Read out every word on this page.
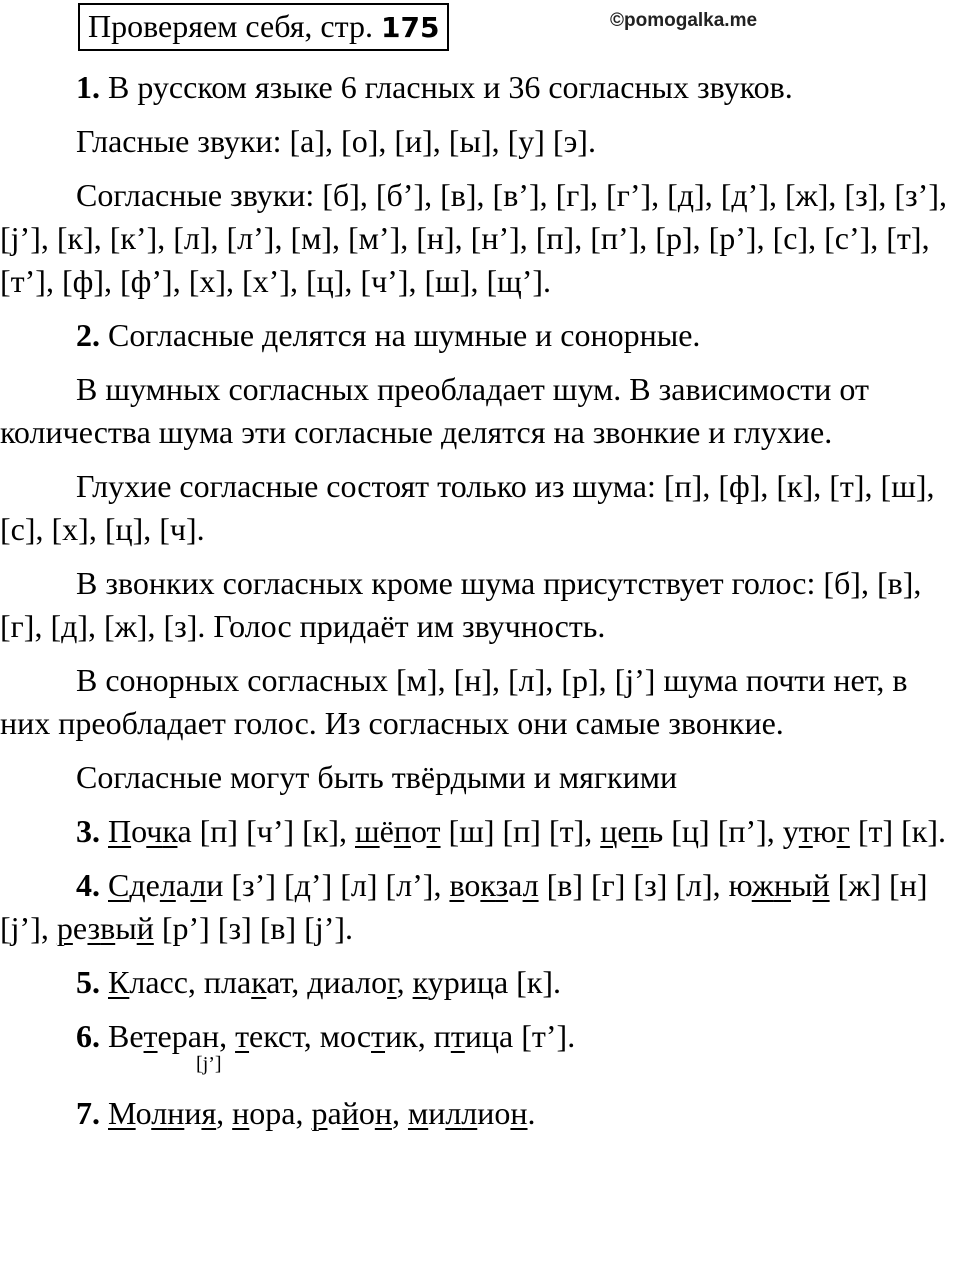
Проверяем себя, стр. 175	©pomogalka.me

1. В русском языке 6 гласных и 36 согласных звуков.

Гласные звуки: [а], [о], [и], [ы], [у] [э].

Согласные звуки: [б], [б’], [в], [в’], [г], [г’], [д], [д’], [ж], [з], [з’], [j’], [к], [к’], [л], [л’], [м], [м’], [н], [н’], [п], [п’], [р], [р’], [с], [с’], [т], [т’], [ф], [ф’], [х], [х’], [ц], [ч’], [ш], [щ’].

2. Согласные делятся на шумные и сонорные.

В шумных согласных преобладает шум. В зависимости от количества шума эти согласные делятся на звонкие и глухие.

Глухие согласные состоят только из шума: [п], [ф], [к], [т], [ш], [с], [х], [ц], [ч].

В звонких согласных кроме шума присутствует голос: [б], [в], [г], [д], [ж], [з]. Голос придаёт им звучность.

В сонорных согласных [м], [н], [л], [р], [j’] шума почти нет, в них преобладает голос. Из согласных они самые звонкие.

Согласные могут быть твёрдыми и мягкими

3. Почка [п] [ч’] [к], шёпот [ш] [п] [т], цепь [ц] [п’], утюг [т] [к].

4. Сделали [з’] [д’] [л] [л’], вокзал [в] [г] [з] [л], южный [ж] [н] [j’], резвый [р’] [з] [в] [j’].

5. Класс, плакат, диалог, курица [к].

6. Ветеран, текст, мостик, птица [т’].

7. Молни
[j’]
я, нора, район, миллион.
